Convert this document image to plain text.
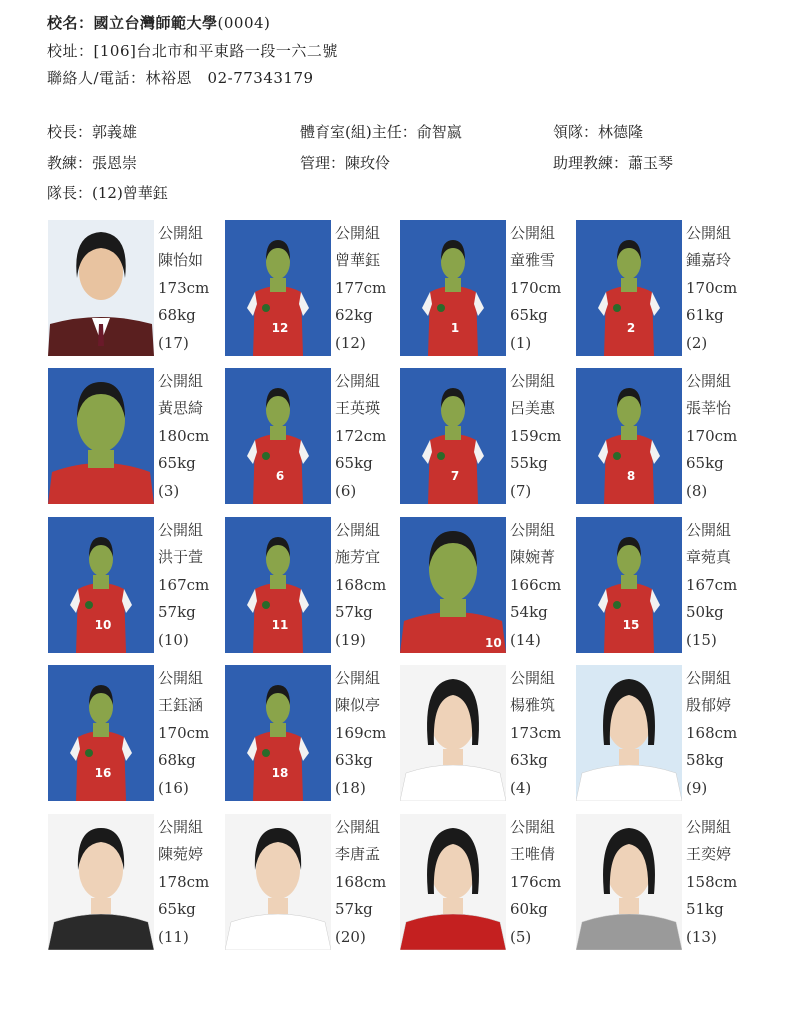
校名：國立台灣師範大學(0004)
校址：[106]台北市和平東路一段一六二號
聯絡人/電話：林裕恩　02-77343179
校長：郭義雄	體育室(組)主任：俞智嬴	領隊：林德隆
教練：張恩崇	管理：陳玫伶	助理教練：蕭玉琴
隊長：(12)曾華鈺
公開組
陳怡如
173cm
68kg
(17)
12
公開組
曾華鈺
177cm
62kg
(12)
1
公開組
童雅雪
170cm
65kg
(1)
2
公開組
鍾嘉玲
170cm
61kg
(2)
公開組
黃思綺
180cm
65kg
(3)
6
公開組
王英瑛
172cm
65kg
(6)
7
公開組
呂美惠
159cm
55kg
(7)
8
公開組
張莘怡
170cm
65kg
(8)
10
公開組
洪于萱
167cm
57kg
(10)
11
公開組
施芳宜
168cm
57kg
(19)	10
公開組
陳婉菁
166cm
54kg
(14)
15
公開組
章菀真
167cm
50kg
(15)
16
公開組
王鈺涵
170cm
68kg
(16)
18
公開組
陳似亭
169cm
63kg
(18)
公開組
楊雅筑
173cm
63kg
(4)
公開組
殷郁婷
168cm
58kg
(9)
公開組
陳菀婷
178cm
65kg
(11)
公開組
李唐孟
168cm
57kg
(20)
公開組
王唯倩
176cm
60kg
(5)
公開組
王奕婷
158cm
51kg
(13)
